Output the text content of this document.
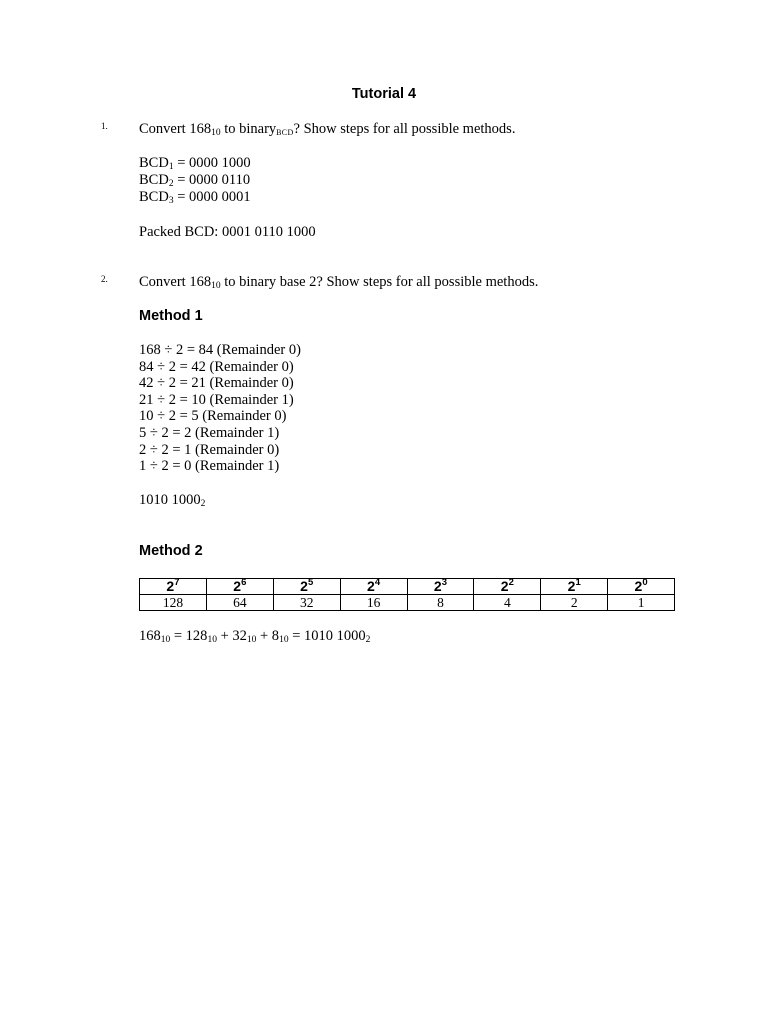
Tutorial 4
1. Convert $168_{10}$ to binary$_{BCD}$? Show steps for all possible methods.
$BCD_1 = 0000$ 1000
$BCD_2 = 0000$ 0110
$BCD_3 = 0000$ 0001
Packed BCD: 0001 0110 1000
2. Convert $168_{10}$ to binary base 2? Show steps for all possible methods.
Method 1
168 ÷ 2 = 84 (Remainder 0)
84 ÷ 2 = 42 (Remainder 0)
42 ÷ 2 = 21 (Remainder 0)
21 ÷ 2 = 10 (Remainder 1)
10 ÷ 2 = 5 (Remainder 0)
5 ÷ 2 = 2 (Remainder 1)
2 ÷ 2 = 1 (Remainder 0)
1 ÷ 2 = 0 (Remainder 1)
1010 $1000_2$
Method 2
$2^7$	$2^6$	$2^5$	$2^4$	$2^3$	$2^2$	$2^1$	$2^0$
128	64	32	16	8	4	2	1
$168_{10} = 128_{10} + 32_{10} + 8_{10} = 1010$ $1000_2$
